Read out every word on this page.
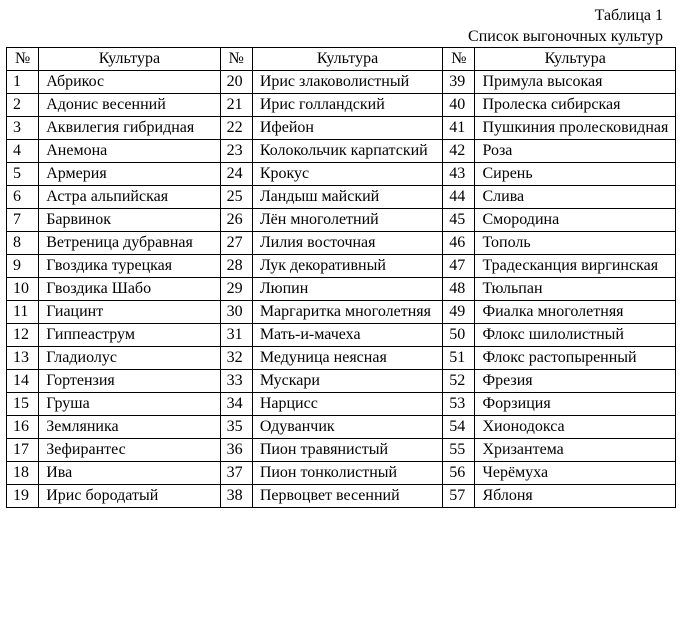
Таблица 1
Список выгоночных культур
№	Культура	№	Культура	№	Культура
1	Абрикос	20	Ирис злаковолистный	39	Примула высокая
2	Адонис весенний	21	Ирис голландский	40	Пролеска сибирская
3	Аквилегия гибридная	22	Ифейон	41	Пушкиния пролесковидная
4	Анемона	23	Колокольчик карпатский	42	Роза
5	Армерия	24	Крокус	43	Сирень
6	Астра альпийская	25	Ландыш майский	44	Слива
7	Барвинок	26	Лён многолетний	45	Смородина
8	Ветреница дубравная	27	Лилия восточная	46	Тополь
9	Гвоздика турецкая	28	Лук декоративный	47	Традесканция виргинская
10	Гвоздика Шабо	29	Люпин	48	Тюльпан
11	Гиацинт	30	Маргаритка многолетняя	49	Фиалка многолетняя
12	Гиппеаструм	31	Мать-и-мачеха	50	Флокс шилолистный
13	Гладиолус	32	Медуница неясная	51	Флокс растопыренный
14	Гортензия	33	Мускари	52	Фрезия
15	Груша	34	Нарцисс	53	Форзиция
16	Земляника	35	Одуванчик	54	Хионодокса
17	Зефирантес	36	Пион травянистый	55	Хризантема
18	Ива	37	Пион тонколистный	56	Черёмуха
19	Ирис бородатый	38	Первоцвет весенний	57	Яблоня
